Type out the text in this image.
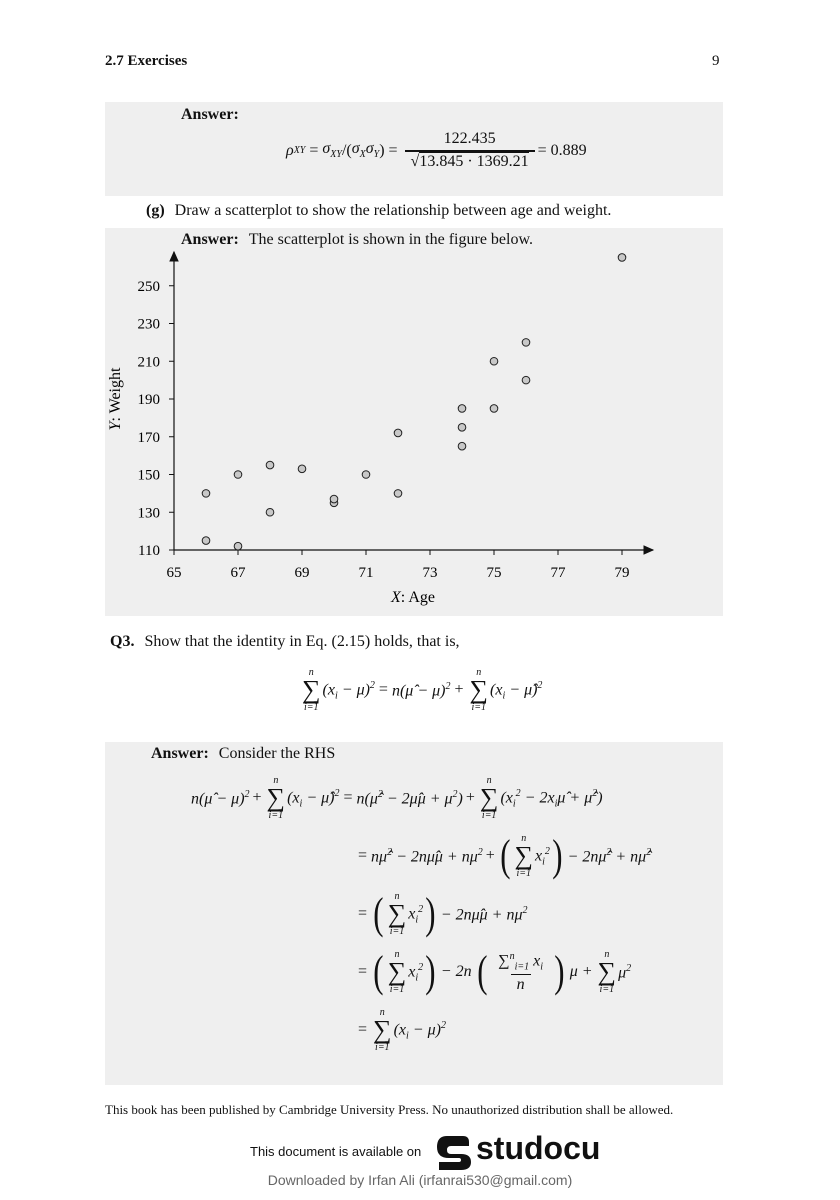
2.7 Exercises	9
Answer:
ρ XY = $\sigma_{XY}$ /( $\sigma_X\sigma_Y$ ) = $\frac{122.435}{√13.845 \cdot 1369.21} = 0.889$
(g) Draw a scatterplot to show the relationship between age and weight.
Answer: The scatterplot is shown in the figure below.
65	67	69	71	73	75	77	79
110
130
150
170
190
210
230
250
X: Age
Y: Weight
Q3. Show that the identity in Eq. (2.15) holds, that is,
n
∑
i=1
$(x_i - \mu)^2$ = n(μ̂ − μ)$^2$ +
n
∑
i=1
($x_i$ − μ̂)$^2$
Answer: Consider the RHS
n(μ̂ − μ)$^2$ +
n
∑
i=1
($x_i$ − μ̂)$^2$ = n(μ̂$^2$ − 2μ̂μ + $\mu^2$) +
n
∑
i=1
($x_i^2$ − $2x_i\mû$ + μ̂$^2$)
= nμ̂$^2$ − 2nμ̂μ + $n\mu^2$ + ( n
∑
i=1
$x_i^2$ ) − 2nμ̂$^2$ + nμ̂$^2$
= ( n
∑
i=1
$x_i^2$ ) − 2nμ̂μ + $n\mu^2$
= ( n
∑
i=1
$x_i^2$ ) − 2n ( $\frac{\sum^n_{i=1} x_i}{n}$ ) μ +
n
∑
i=1
$\mu^2$
=
n
∑
i=1
$(x_i - \mu)^2$
This book has been published by Cambridge University Press. No unauthorized distribution shall be allowed.
This document is available on studocu
Downloaded by Irfan Ali (irfanrai530@gmail.com)
